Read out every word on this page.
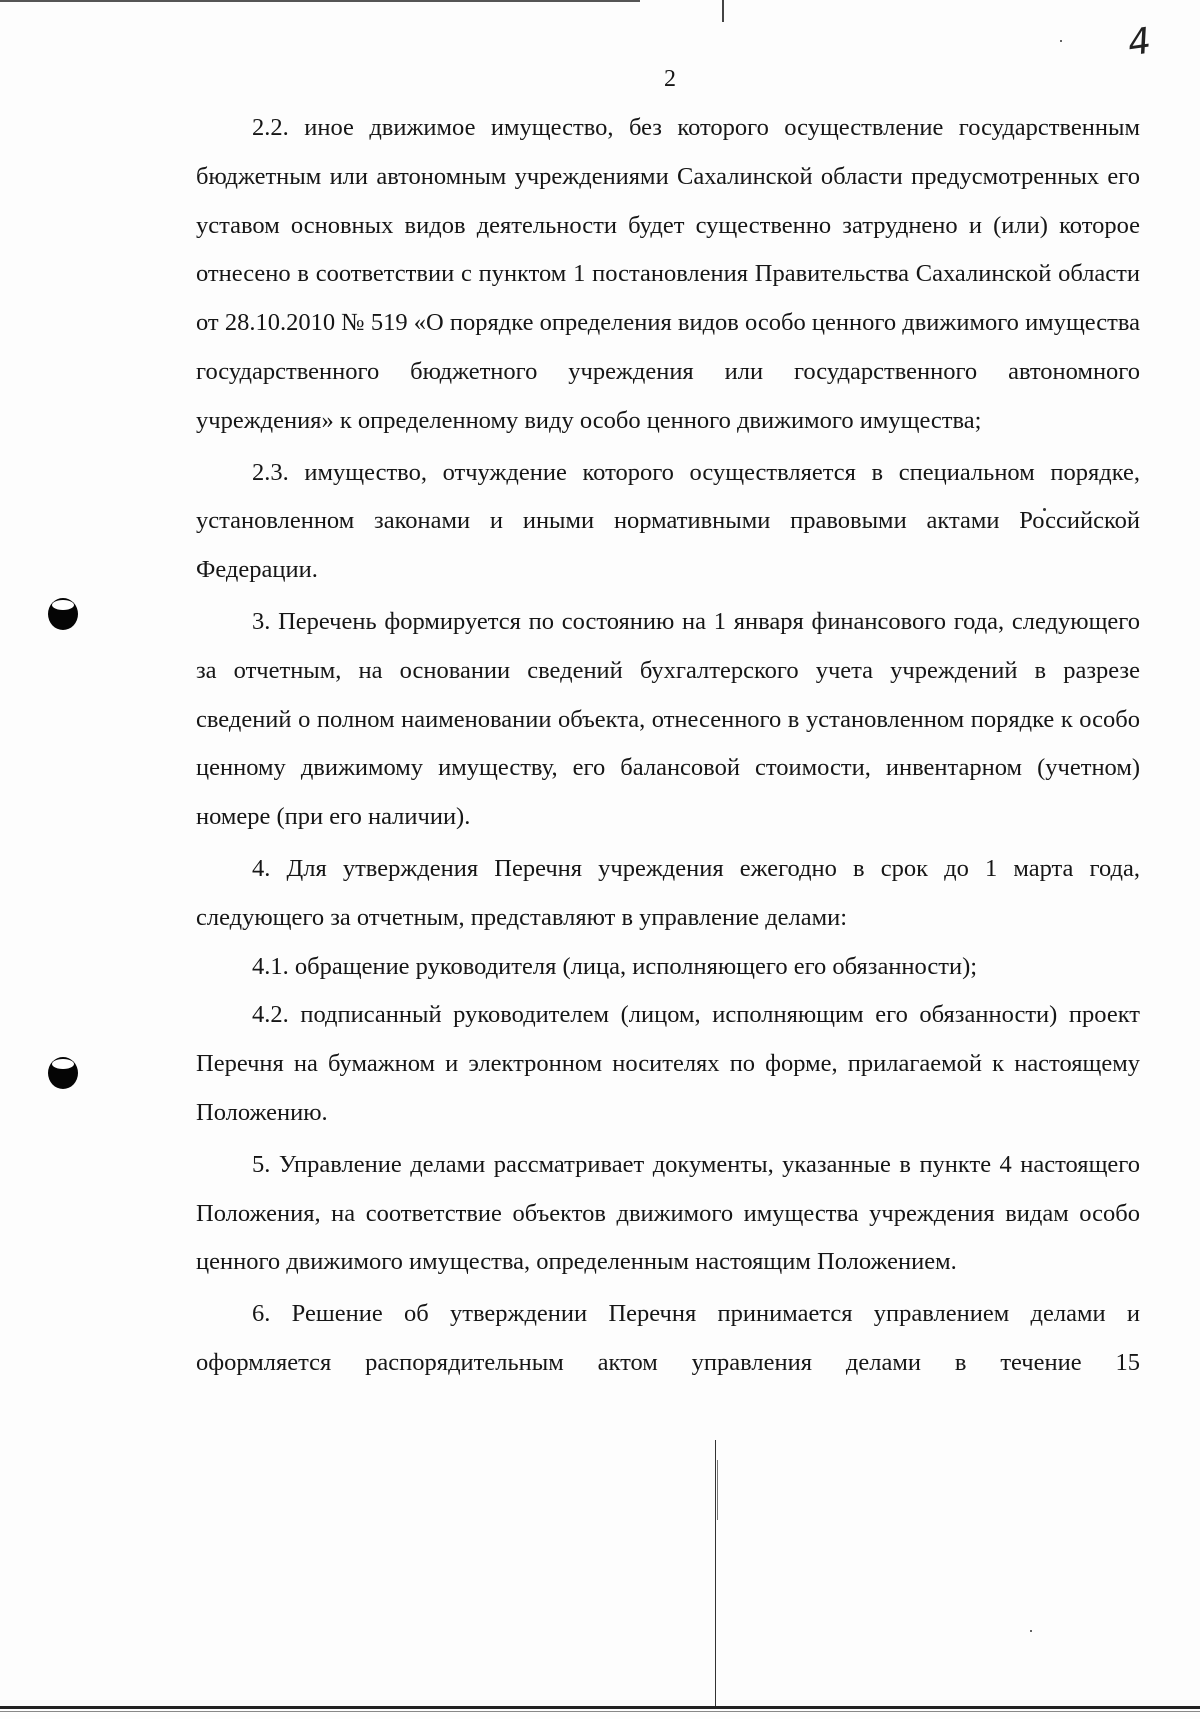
4
2

2.2. иное движимое имущество, без которого осуществление государственным бюджетным или автономным учреждениями Сахалинской области предусмотренных его уставом основных видов деятельности будет существенно затруднено и (или) которое отнесено в соответствии с пунктом 1 постановления Правительства Сахалинской области от 28.10.2010 № 519 «О порядке определения видов особо ценного движимого имущества государственного бюджетного учреждения или государственного автономного учреждения» к определенному виду особо ценного движимого имущества;

2.3. имущество, отчуждение которого осуществляется в специальном порядке, установленном законами и иными нормативными правовыми актами Российской Федерации.

3. Перечень формируется по состоянию на 1 января финансового года, следующего за отчетным, на основании сведений бухгалтерского учета учреждений в разрезе сведений о полном наименовании объекта, отнесенного в установленном порядке к особо ценному движимому имуществу, его балансовой стоимости, инвентарном (учетном) номере (при его наличии).

4. Для утверждения Перечня учреждения ежегодно в срок до 1 марта года, следующего за отчетным, представляют в управление делами:

4.1. обращение руководителя (лица, исполняющего его обязанности);

4.2. подписанный руководителем (лицом, исполняющим его обязанности) проект Перечня на бумажном и электронном носителях по форме, прилагаемой к настоящему Положению.

5. Управление делами рассматривает документы, указанные в пункте 4 настоящего Положения, на соответствие объектов движимого имущества учреждения видам особо ценного движимого имущества, определенным настоящим Положением.

6. Решение об утверждении Перечня принимается управлением делами и оформляется распорядительным актом управления делами в течение 15
